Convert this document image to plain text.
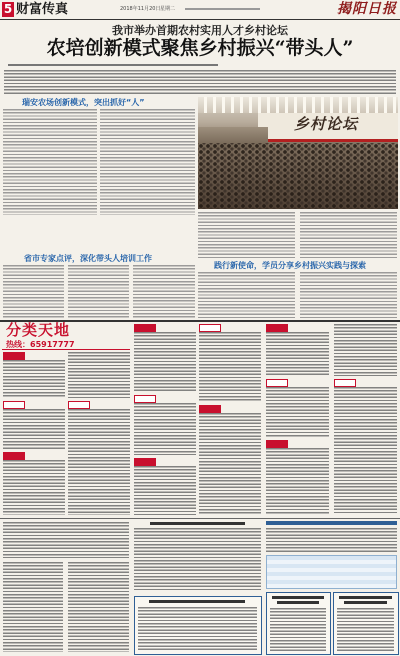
5 财富传真	2018年11月20日 星期二	揭阳日报
我市举办首期农村实用人才乡村论坛
农培创新模式聚焦乡村振兴“带头人”
瑞安农场创新模式，突出抓好“人”
乡村论坛
省市专家点评，深化带头人培训工作
践行新使命，学员分享乡村振兴实践与探索
分类天地
热线：65917777
